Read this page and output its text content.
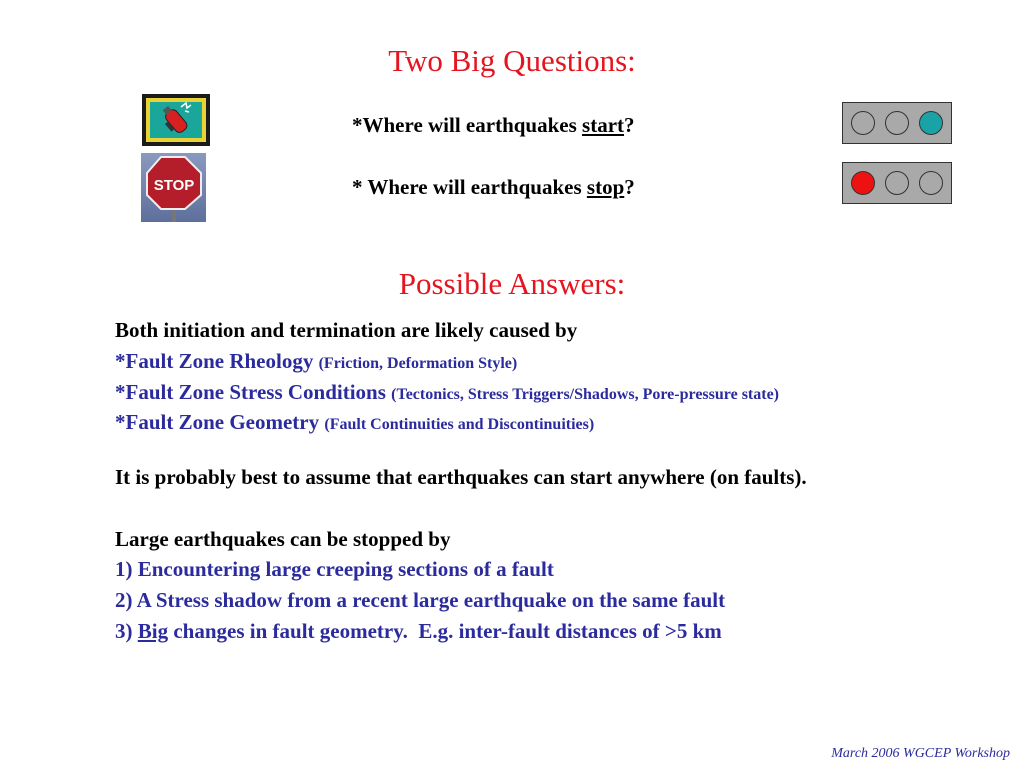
Two Big Questions:
STOP
*Where will earthquakes start?
* Where will earthquakes stop?
Possible Answers:
Both initiation and termination are likely caused by
*Fault Zone Rheology (Friction, Deformation Style)
*Fault Zone Stress Conditions (Tectonics, Stress Triggers/Shadows, Pore-pressure state)
*Fault Zone Geometry (Fault Continuities and Discontinuities)
It is probably best to assume that earthquakes can start anywhere (on faults).
Large earthquakes can be stopped by
1) Encountering large creeping sections of a fault
2) A Stress shadow from a recent large earthquake on the same fault
3) Big changes in fault geometry.  E.g. inter-fault distances of >5 km
March 2006 WGCEP Workshop
